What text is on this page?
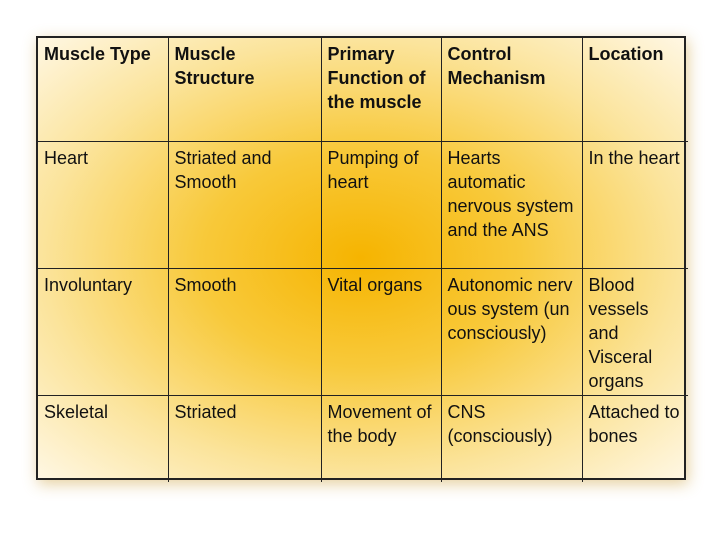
Muscle Type	Muscle Structure	Primary Function of the muscle	Control Mechanism	Location
Heart	Striated and Smooth	Pumping of heart	Hearts automatic nervous system and the ANS	In the heart
Involuntary	Smooth	Vital organs	Autonomic nervous system (unconsciously)	Blood vessels and Visceral organs
Skeletal	Striated	Movement of the body	CNS (consciously)	Attached to bones
